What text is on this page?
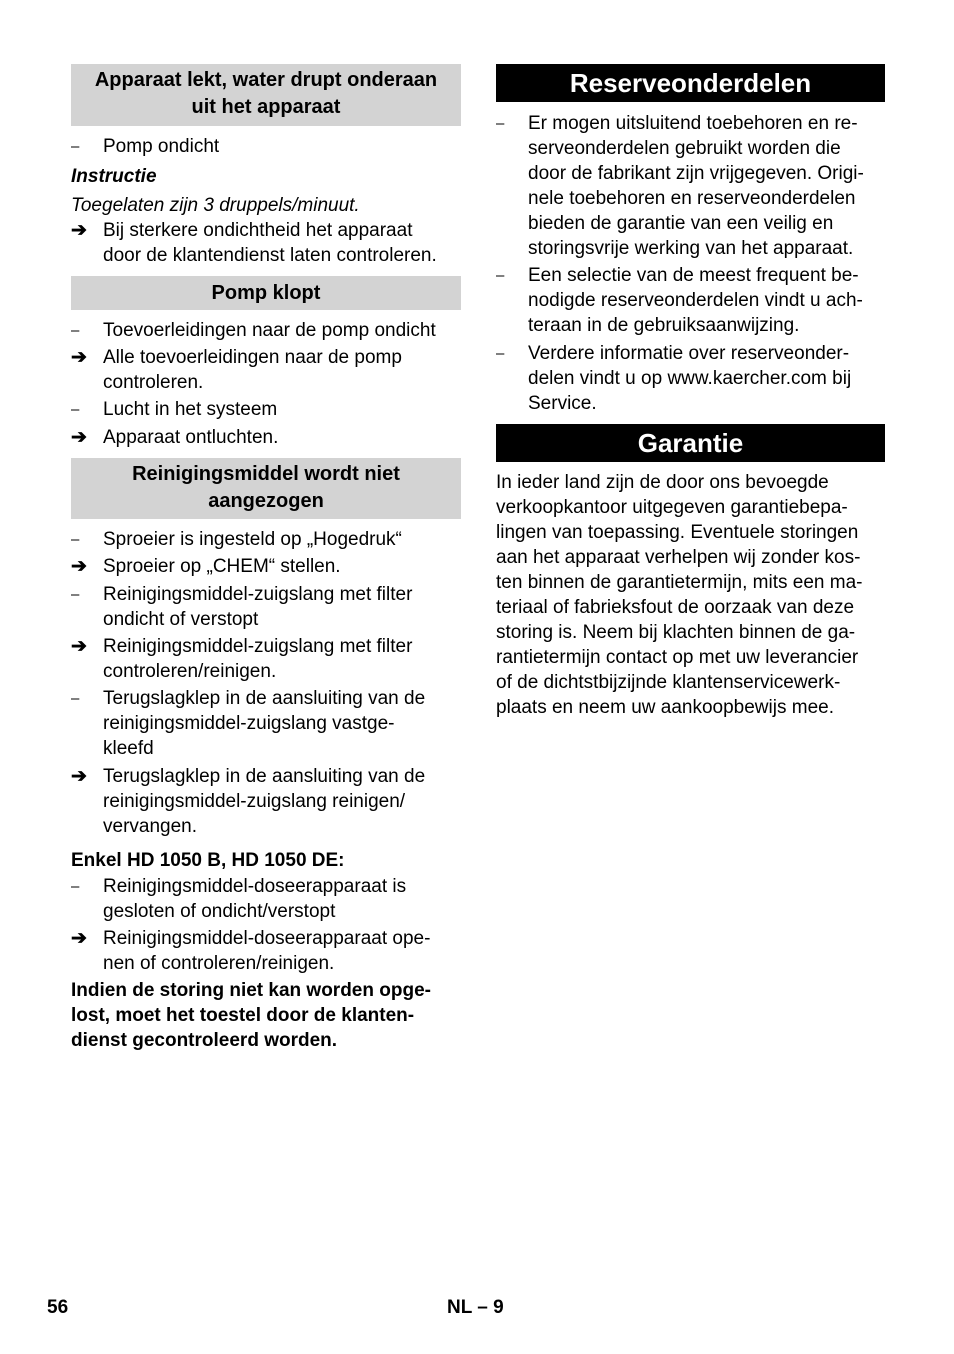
Apparaat lekt, water drupt onderaan
uit het apparaat
–	Pomp ondicht
Instructie
Toegelaten zijn 3 druppels/minuut.
➔ Bij sterkere ondichtheid het apparaat
door de klantendienst laten controleren.
Pomp klopt
–	Toevoerleidingen naar de pomp ondicht
➔ Alle toevoerleidingen naar de pomp
controleren.
–	Lucht in het systeem
➔ Apparaat ontluchten.
Reinigingsmiddel wordt niet
aangezogen
–	Sproeier is ingesteld op „Hogedruk“
➔ Sproeier op „CHEM“ stellen.
–	Reinigingsmiddel-zuigslang met filter
ondicht of verstopt
➔ Reinigingsmiddel-zuigslang met filter
controleren/reinigen.
–	Terugslagklep in de aansluiting van de
reinigingsmiddel-zuigslang vastge-
kleefd
➔ Terugslagklep in de aansluiting van de
reinigingsmiddel-zuigslang reinigen/
vervangen.
Enkel HD 1050 B, HD 1050 DE:
–	Reinigingsmiddel-doseerapparaat is
gesloten of ondicht/verstopt
➔ Reinigingsmiddel-doseerapparaat ope-
nen of controleren/reinigen.
Indien de storing niet kan worden opge-
lost, moet het toestel door de klanten-
dienst gecontroleerd worden.
Reserveonderdelen
–	Er mogen uitsluitend toebehoren en re-
serveonderdelen gebruikt worden die
door de fabrikant zijn vrijgegeven. Origi-
nele toebehoren en reserveonderdelen
bieden de garantie van een veilig en
storingsvrije werking van het apparaat.
–	Een selectie van de meest frequent be-
nodigde reserveonderdelen vindt u ach-
teraan in de gebruiksaanwijzing.
–	Verdere informatie over reserveonder-
delen vindt u op www.kaercher.com bij
Service.
Garantie
In ieder land zijn de door ons bevoegde
verkoopkantoor uitgegeven garantiebepa-
lingen van toepassing. Eventuele storingen
aan het apparaat verhelpen wij zonder kos-
ten binnen de garantietermijn, mits een ma-
teriaal of fabrieksfout de oorzaak van deze
storing is. Neem bij klachten binnen de ga-
rantietermijn contact op met uw leverancier
of de dichtstbijzijnde klantenservicewerk-
plaats en neem uw aankoopbewijs mee.
56	NL – 9
